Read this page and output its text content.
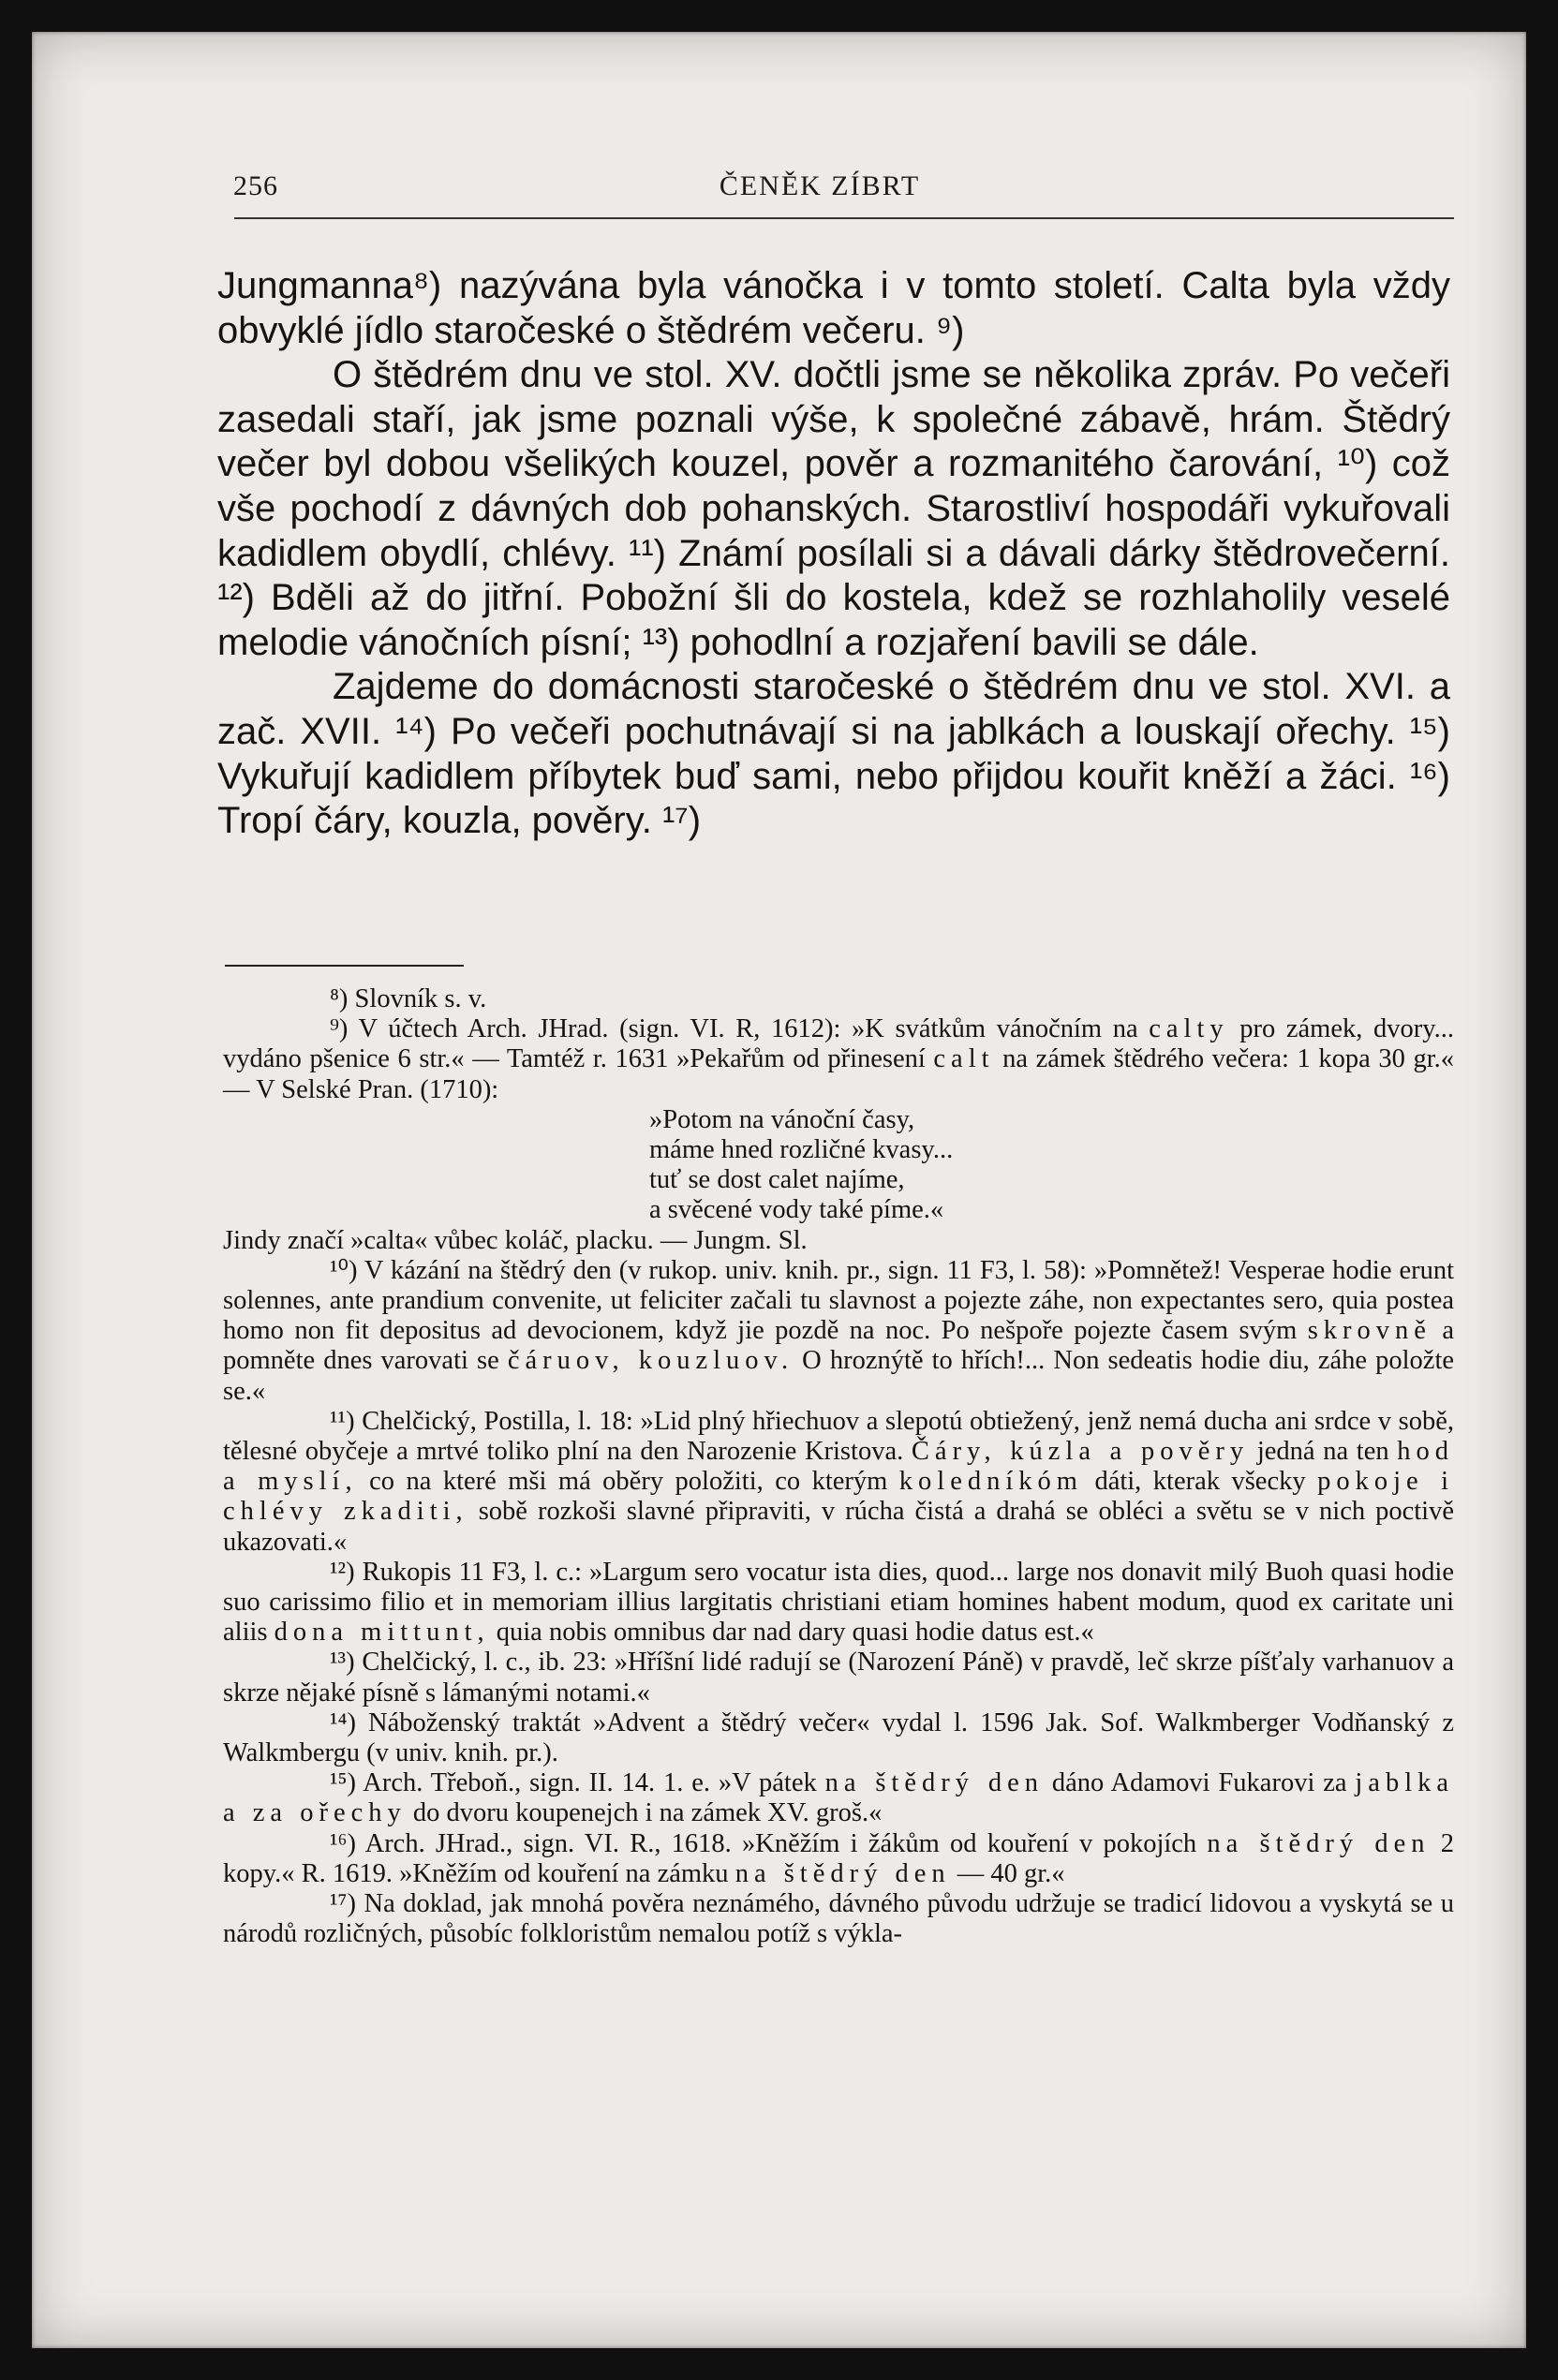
256	ČENĚK ZÍBRT

Jungmanna⁸) nazývána byla vánočka i v tomto století. Calta byla vždy obvyklé jídlo staročeské o štědrém večeru. ⁹)

O štědrém dnu ve stol. XV. dočtli jsme se několika zpráv. Po večeři zasedali staří, jak jsme poznali výše, k společné zábavě, hrám. Štědrý večer byl dobou všelikých kouzel, pověr a rozmanitého čarování, ¹⁰) což vše pochodí z dávných dob pohanských. Starostliví hospodáři vykuřovali kadidlem obydlí, chlévy. ¹¹) Známí posílali si a dávali dárky štědrovečerní. ¹²) Bděli až do jitřní. Pobožní šli do kostela, kdež se rozhlaholily veselé melodie vánočních písní; ¹³) pohodlní a rozjaření bavili se dále.

Zajdeme do domácnosti staročeské o štědrém dnu ve stol. XVI. a zač. XVII. ¹⁴) Po večeři pochutnávají si na jablkách a louskají ořechy. ¹⁵) Vykuřují kadidlem příbytek buď sami, nebo přijdou kouřit kněží a žáci. ¹⁶) Tropí čáry, kouzla, pověry. ¹⁷)

⁸) Slovník s. v.

⁹) V účtech Arch. JHrad. (sign. VI. R, 1612): »K svátkům vánočním na calty pro zámek, dvory... vydáno pšenice 6 str.« — Tamtéž r. 1631 »Pekařům od přinesení calt na zámek štědrého večera: 1 kopa 30 gr.« — V Selské Pran. (1710):

»Potom na vánoční časy,

máme hned rozličné kvasy...

tuť se dost calet najíme,

a svěcené vody také píme.«

Jindy značí »calta« vůbec koláč, placku. — Jungm. Sl.

¹⁰) V kázání na štědrý den (v rukop. univ. knih. pr., sign. 11 F3, l. 58): »Pomnětež! Vesperae hodie erunt solennes, ante prandium convenite, ut feliciter začali tu slavnost a pojezte záhe, non expectantes sero, quia postea homo non fit depositus ad devocionem, když jie pozdě na noc. Po nešpoře pojezte časem svým skrovně a pomněte dnes varovati se čáruov, kouzluov. O hroznýtě to hřích!... Non sedeatis hodie diu, záhe položte se.«

¹¹) Chelčický, Postilla, l. 18: »Lid plný hřiechuov a slepotú obtiežený, jenž nemá ducha ani srdce v sobě, tělesné obyčeje a mrtvé toliko plní na den Narozenie Kristova. Čáry, kúzla a pověry jedná na ten hod a myslí, co na které mši má oběry položiti, co kterým koledníkóm dáti, kterak všecky pokoje i chlévy zkaditi, sobě rozkoši slavné připraviti, v rúcha čistá a drahá se obléci a světu se v nich poctivě ukazovati.«

¹²) Rukopis 11 F3, l. c.: »Largum sero vocatur ista dies, quod... large nos donavit milý Buoh quasi hodie suo carissimo filio et in memoriam illius largitatis christiani etiam homines habent modum, quod ex caritate uni aliis dona mittunt, quia nobis omnibus dar nad dary quasi hodie datus est.«

¹³) Chelčický, l. c., ib. 23: »Hříšní lidé radují se (Narození Páně) v pravdě, leč skrze píšťaly varhanuov a skrze nějaké písně s lámanými notami.«

¹⁴) Náboženský traktát »Advent a štědrý večer« vydal l. 1596 Jak. Sof. Walkmberger Vodňanský z Walkmbergu (v univ. knih. pr.).

¹⁵) Arch. Třeboň., sign. II. 14. 1. e. »V pátek na štědrý den dáno Adamovi Fukarovi za jablka a za ořechy do dvoru koupenejch i na zámek XV. groš.«

¹⁶) Arch. JHrad., sign. VI. R., 1618. »Kněžím i žákům od kouření v pokojích na štědrý den 2 kopy.« R. 1619. »Kněžím od kouření na zámku na štědrý den — 40 gr.«

¹⁷) Na doklad, jak mnohá pověra neznámého, dávného původu udržuje se tradicí lidovou a vyskytá se u národů rozličných, působíc folkloristům nemalou potíž s výkla-
